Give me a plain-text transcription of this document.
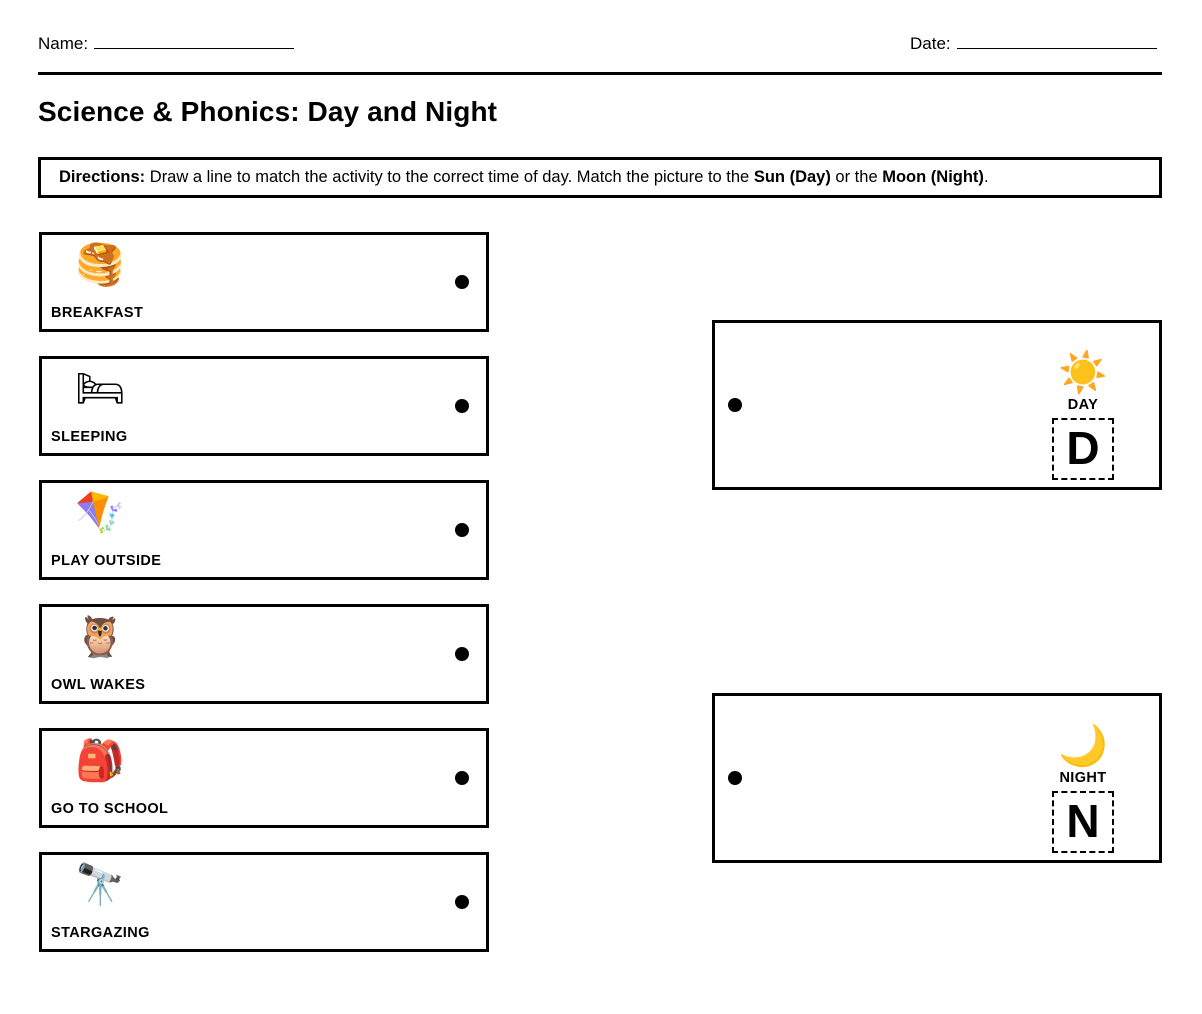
Name:	Date:
Science & Phonics: Day and Night
Directions: Draw a line to match the activity to the correct time of day. Match the picture to the Sun (Day) or the Moon (Night).
🥞
BREAKFAST
🛏
SLEEPING
🪁
PLAY OUTSIDE
🦉
OWL WAKES
🎒
GO TO SCHOOL
🔭
STARGAZING
☀️
DAY
D
🌙
NIGHT
N
